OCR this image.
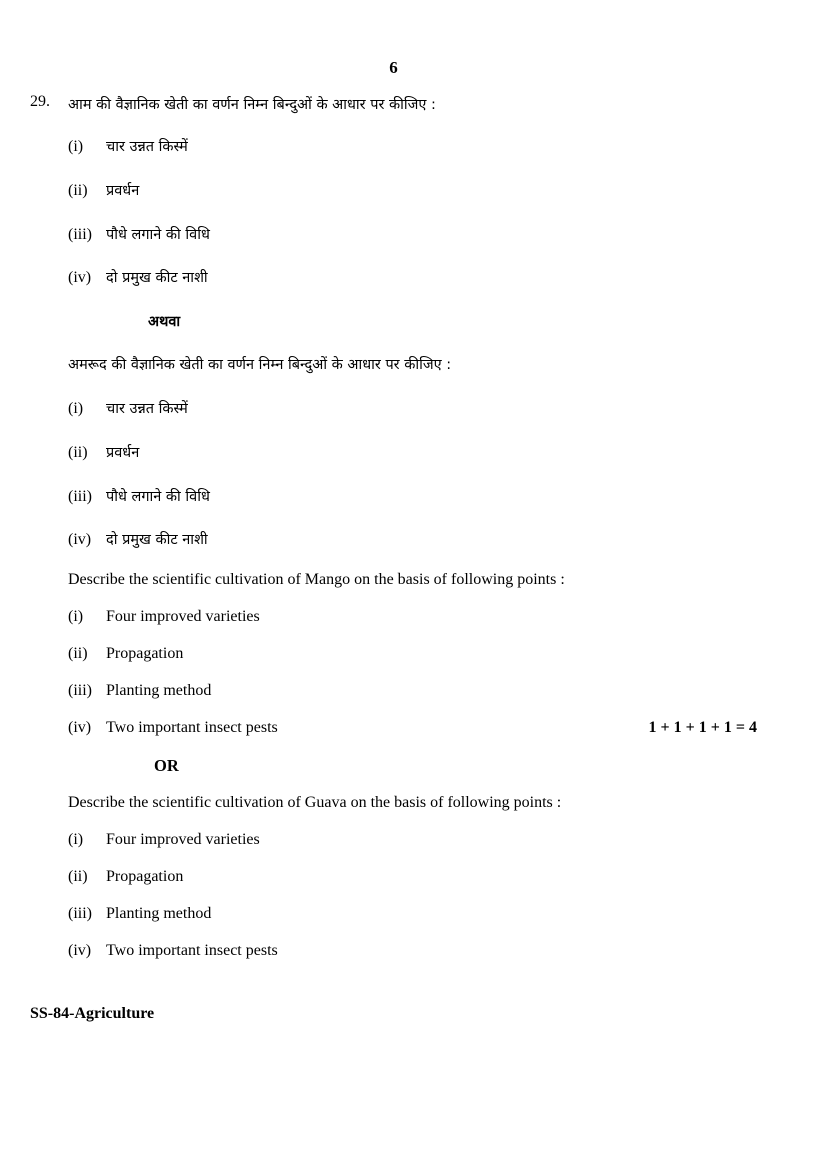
6
29. आम की वैज्ञानिक खेती का वर्णन निम्न बिन्दुओं के आधार पर कीजिए :
(i) चार उन्नत किस्में
(ii) प्रवर्धन
(iii) पौधे लगाने की विधि
(iv) दो प्रमुख कीट नाशी
अथवा
अमरूद की वैज्ञानिक खेती का वर्णन निम्न बिन्दुओं के आधार पर कीजिए :
(i) चार उन्नत किस्में
(ii) प्रवर्धन
(iii) पौधे लगाने की विधि
(iv) दो प्रमुख कीट नाशी
Describe the scientific cultivation of Mango on the basis of following points :
(i) Four improved varieties
(ii) Propagation
(iii) Planting method
(iv) Two important insect pests	1 + 1 + 1 + 1 = 4
OR
Describe the scientific cultivation of Guava on the basis of following points :
(i) Four improved varieties
(ii) Propagation
(iii) Planting method
(iv) Two important insect pests
SS-84-Agriculture
